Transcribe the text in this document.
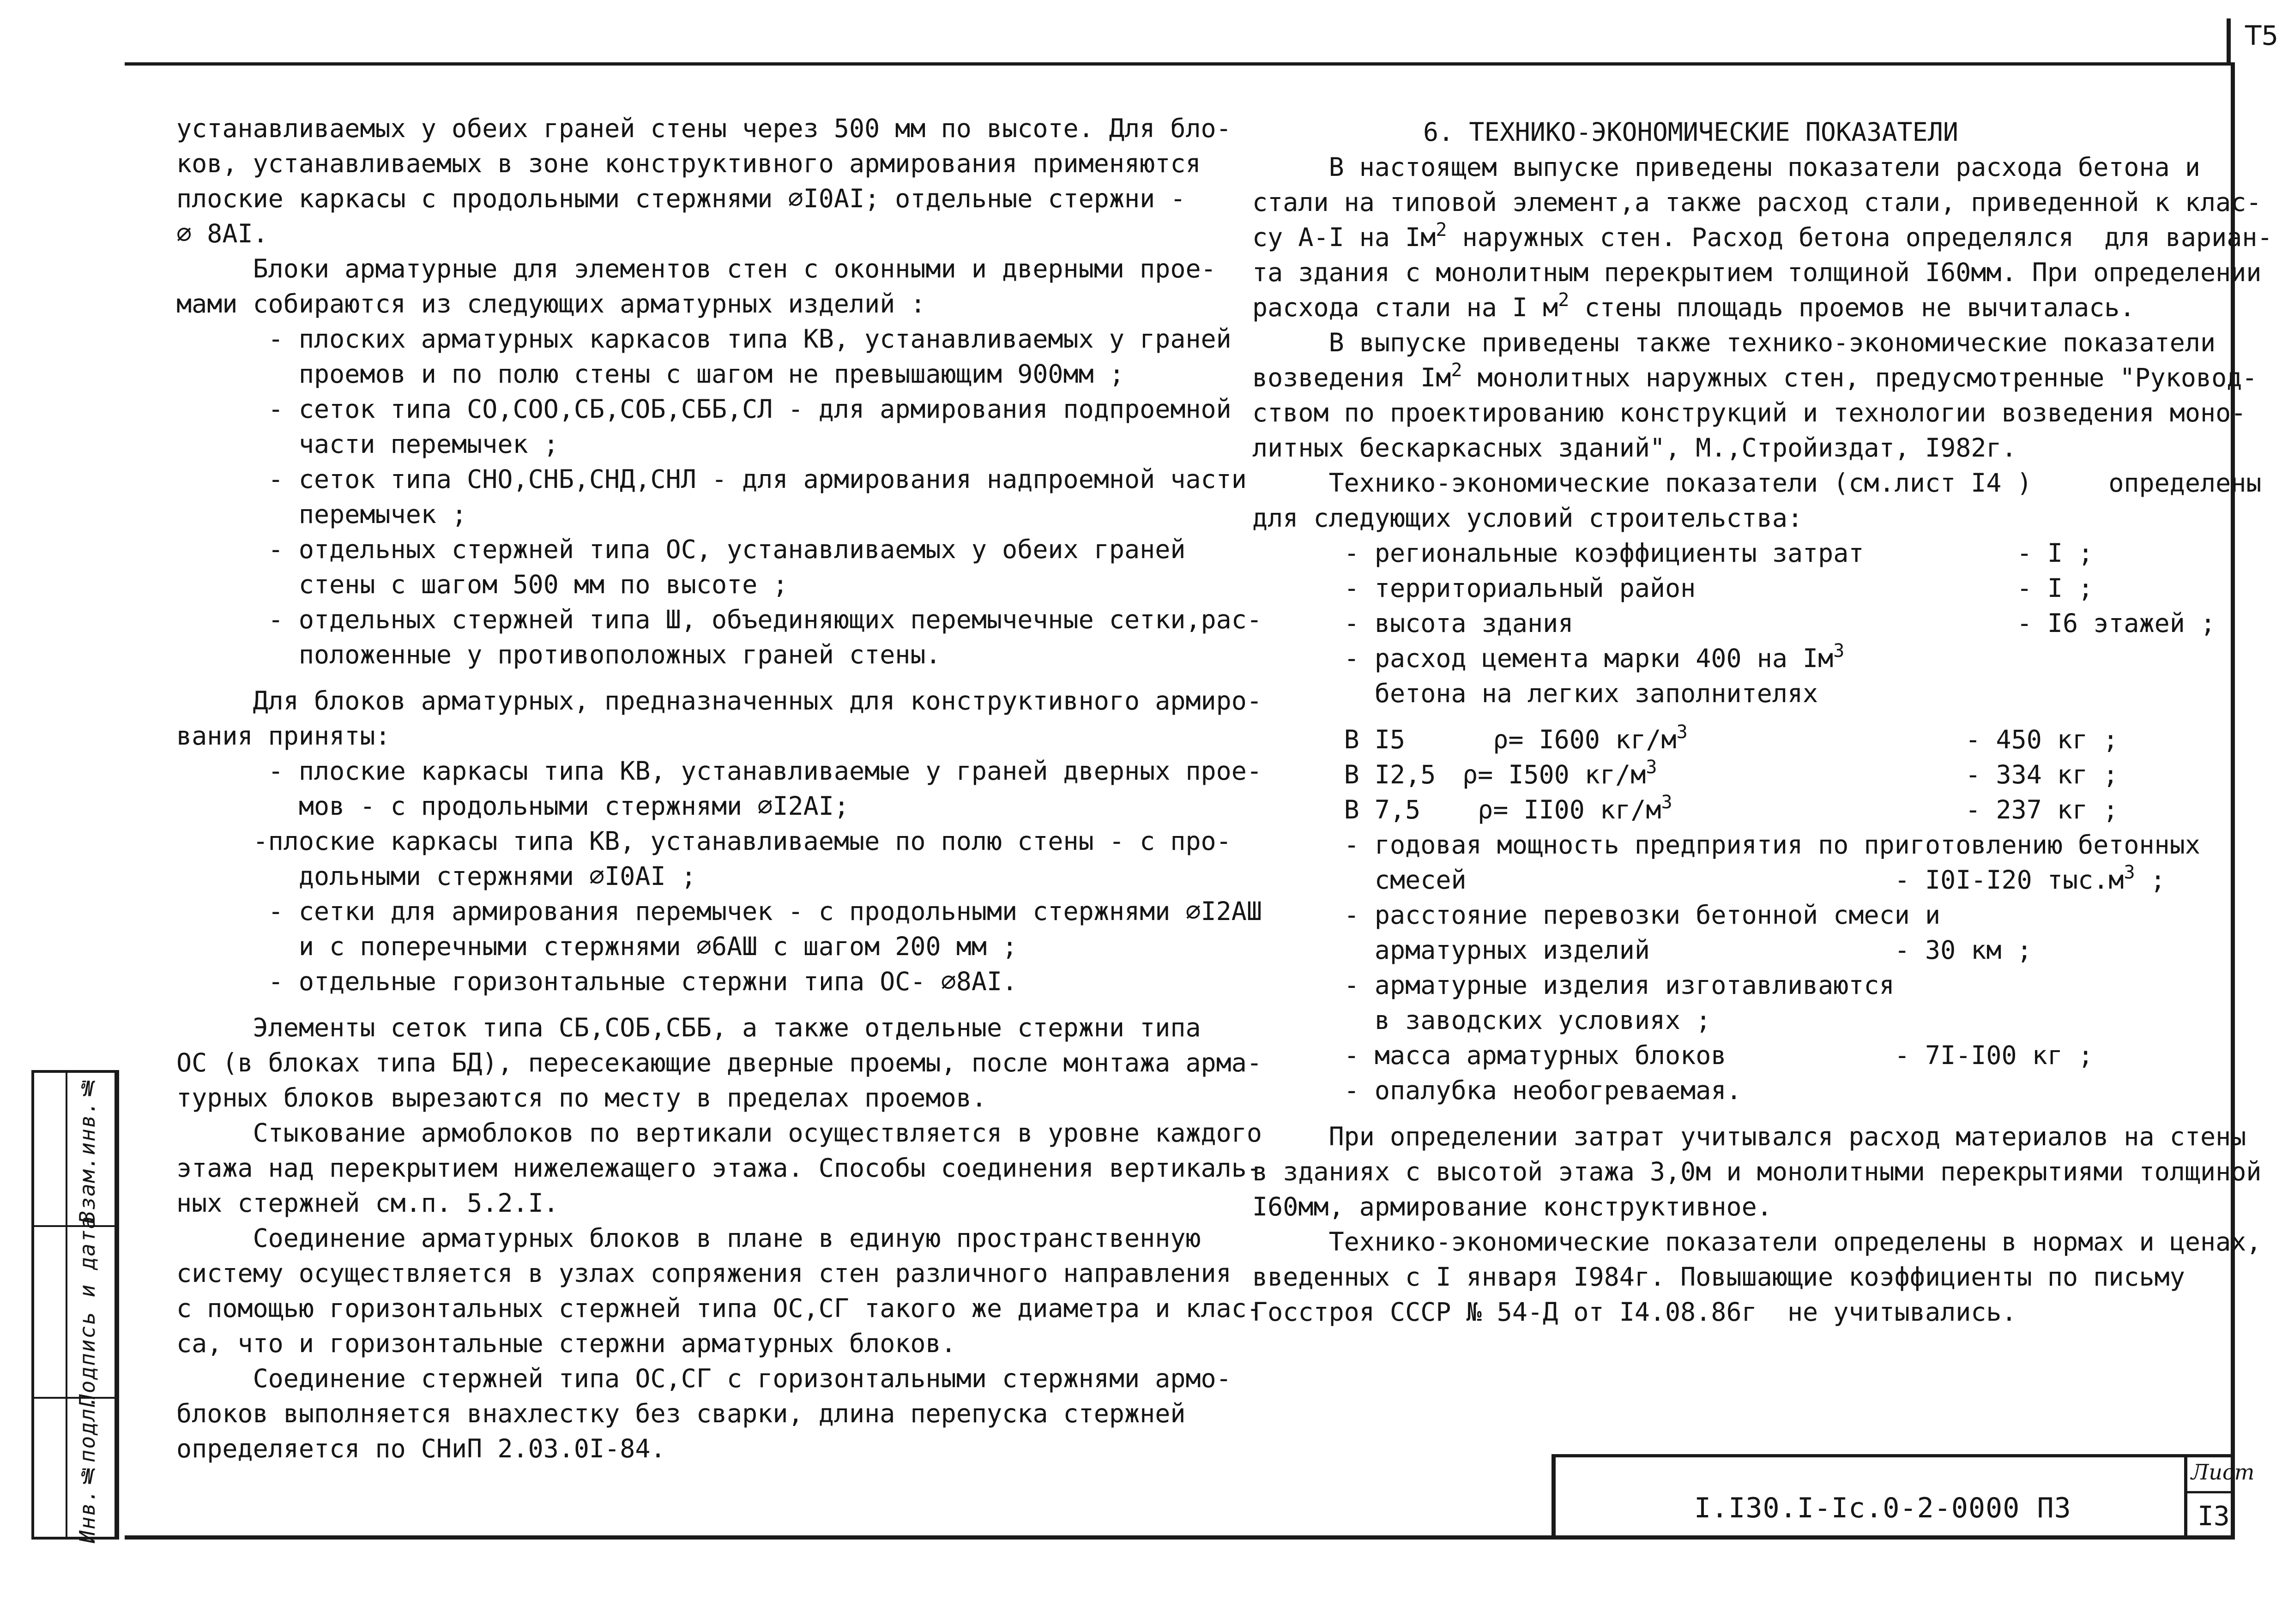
Т5
Взам.инв.№
Подпись и дата
Инв.№подл.
устанавливаемых у обеих граней стены через 500 мм по высоте. Для бло-
ков, устанавливаемых в зоне конструктивного армирования применяются
плоские каркасы с продольными стержнями ⌀I0AI; отдельные стержни -
⌀ 8AI.
Блоки арматурные для элементов стен с оконными и дверными прое-
мами собираются из следующих арматурных изделий :
- плоских арматурных каркасов типа КВ, устанавливаемых у граней
проемов и по полю стены с шагом не превышающим 900мм ;
- сеток типа СО,СОО,СБ,СОБ,СББ,СЛ - для армирования подпроемной
части перемычек ;
- сеток типа СНО,СНБ,СНД,СНЛ - для армирования надпроемной части
перемычек ;
- отдельных стержней типа ОС, устанавливаемых у обеих граней
стены с шагом 500 мм по высоте ;
- отдельных стержней типа Ш, объединяющих перемычечные сетки,рас-
положенные у противоположных граней стены.
Для блоков арматурных, предназначенных для конструктивного армиро-
вания приняты:
- плоские каркасы типа КВ, устанавливаемые у граней дверных прое-
мов - с продольными стержнями ⌀I2AI;
-плоские каркасы типа КВ, устанавливаемые по полю стены - с про-
дольными стержнями ⌀I0AI ;
- сетки для армирования перемычек - с продольными стержнями ⌀I2АШ
и с поперечными стержнями ⌀6АШ с шагом 200 мм ;
- отдельные горизонтальные стержни типа ОС- ⌀8AI.
Элементы сеток типа СБ,СОБ,СББ, а также отдельные стержни типа
ОС (в блоках типа БД), пересекающие дверные проемы, после монтажа арма-
турных блоков вырезаются по месту в пределах проемов.
Стыкование армоблоков по вертикали осуществляется в уровне каждого
этажа над перекрытием нижележащего этажа. Способы соединения вертикаль-
ных стержней см.п. 5.2.I.
Соединение арматурных блоков в плане в единую пространственную
систему осуществляется в узлах сопряжения стен различного направления
с помощью горизонтальных стержней типа ОС,СГ такого же диаметра и клас-
са, что и горизонтальные стержни арматурных блоков.
Соединение стержней типа ОС,СГ с горизонтальными стержнями армо-
блоков выполняется внахлестку без сварки, длина перепуска стержней
определяется по СНиП 2.03.0I-84.
6. ТЕХНИКО-ЭКОНОМИЧЕСКИЕ ПОКАЗАТЕЛИ
В настоящем выпуске приведены показатели расхода бетона и
стали на типовой элемент,а также расход стали, приведенной к клас-
су А-I на $Iм^2$ наружных стен. Расход бетона определялся  для вариан-
та здания с монолитным перекрытием толщиной I60мм. При определении
расхода стали на I $м^2$ стены площадь проемов не вычиталась.
В выпуске приведены также технико-экономические показатели
возведения $Iм^2$ монолитных наружных стен, предусмотренные "Руковод-
ством по проектированию конструкций и технологии возведения моно-
литных бескаркасных зданий", М.,Стройиздат, I982г.
Технико-экономические показатели (см.лист I4 )     определены
для следующих условий строительства:
- региональные коэффициенты затрат          - I ;
- территориальный район                     - I ;
- высота здания                             - I6 этажей ;
- расход цемента марки 400 на $Iм^3$
бетона на легких заполнителях
В I5 ρ= I600 $кг/м^3$	- 450 кг ;
В I2,5 ρ= I500 $кг/м^3$	- 334 кг ;
В 7,5 ρ= II00 $кг/м^3$	- 237 кг ;
- годовая мощность предприятия по приготовлению бетонных
смесей                            - I0I-I20 $тыс.м^3$ ;
- расстояние перевозки бетонной смеси и
арматурных изделий                - 30 км ;
- арматурные изделия изготавливаются
в заводских условиях ;
- масса арматурных блоков           - 7I-I00 кг ;
- опалубка необогреваемая.
При определении затрат учитывался расход материалов на стены
в зданиях с высотой этажа 3,0м и монолитными перекрытиями толщиной
I60мм, армирование конструктивное.
Технико-экономические показатели определены в нормах и ценах,
введенных с I января I984г. Повышающие коэффициенты по письму
Госстроя СССР № 54-Д от I4.08.86г  не учитывались.
I.I30.I-Ic.0-2-0000 ПЗ
Лист
I3
